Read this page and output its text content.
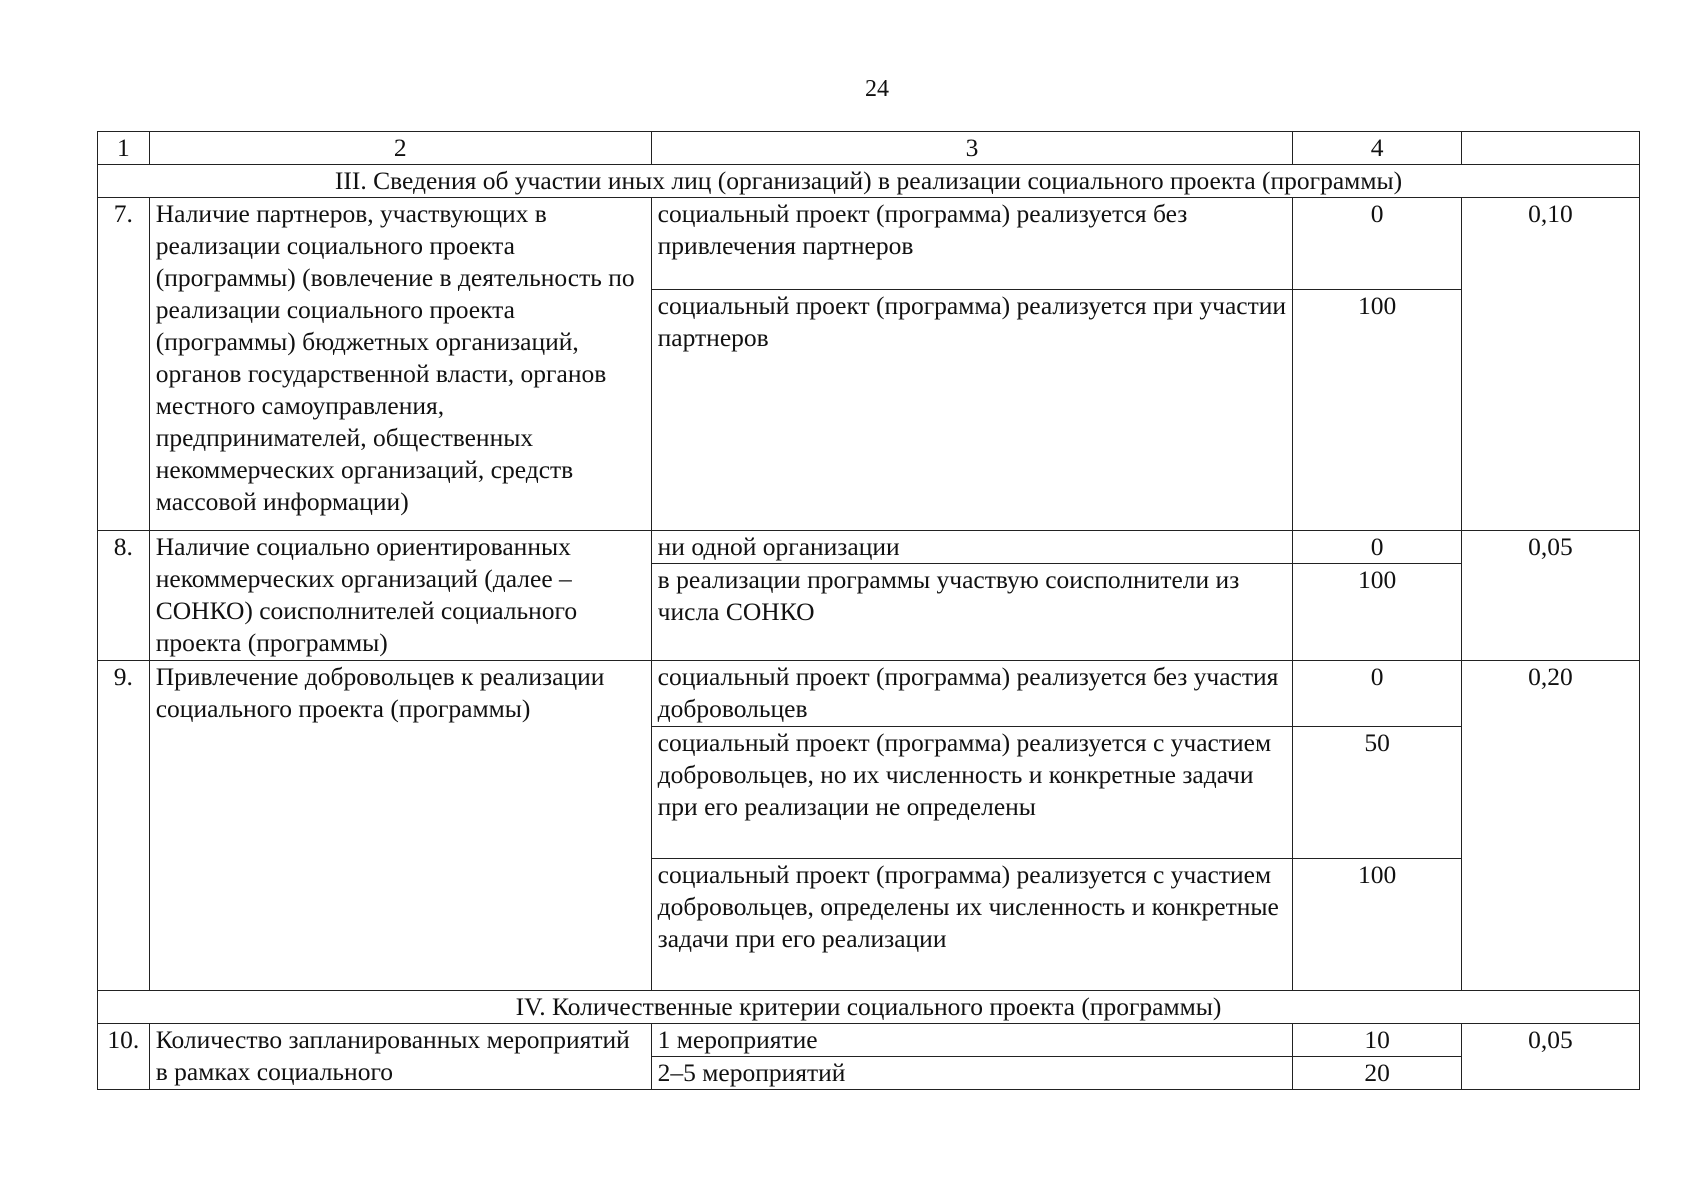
24
1	2	3	4	
III. Сведения об участии иных лиц (организаций) в реализации социального проекта (программы)				
7.	Наличие партнеров, участвующих в реализации социального проекта (программы) (вовлечение в деятельность по реализации социального проекта (программы) бюджетных организаций, органов государственной власти, органов местного самоуправления, предпринимателей, общественных некоммерческих организаций, средств массовой информации)	социальный проект (программа) реализуется без привлечения партнеров	0	0,10
		социальный проект (программа) реализуется при участии партнеров	100	
8.	Наличие социально ориентированных некоммерческих организаций (далее – СОНКО) соисполнителей социального проекта (программы)	ни одной организации	0	0,05
		в реализации программы участвую соисполнители из числа СОНКО	100	
9.	Привлечение добровольцев к реализации социального проекта (программы)	социальный проект (программа) реализуется без участия добровольцев	0	0,20
		социальный проект (программа) реализуется с участием добровольцев, но их численность и конкретные задачи при его реализации не определены	50	
		социальный проект (программа) реализуется с участием добровольцев, определены их численность и конкретные задачи при его реализации	100	
IV. Количественные критерии социального проекта (программы)				
10.	Количество запланированных мероприятий в рамках социального	1 мероприятие	10	0,05
		2–5 мероприятий	20	
